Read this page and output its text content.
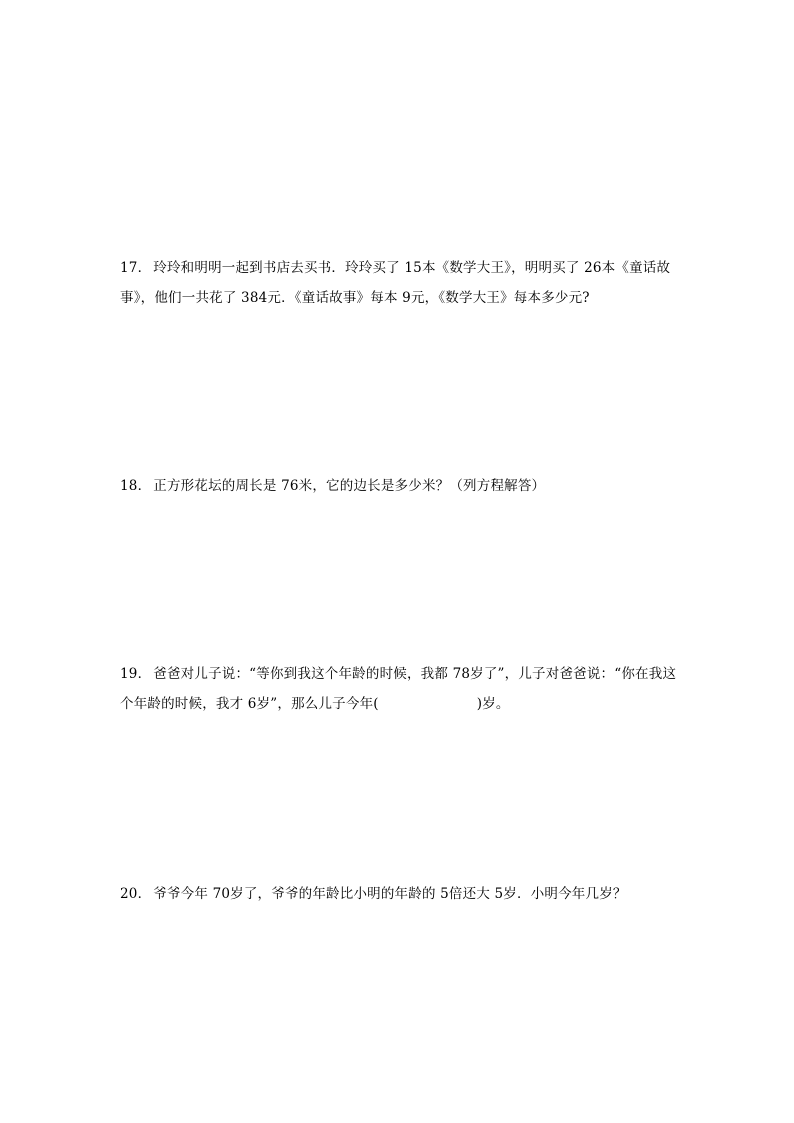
17． 玲玲和明明一起到书店去买书．玲玲买了 15本《数学大王》，明明买了 26本《童话故
事》，他们一共花了 384元．《童话故事》每本 9元，《数学大王》每本多少元?
18． 正方形花坛的周长是 76米，它的边长是多少米？（列方程解答）
19． 爸爸对儿子说：“等你到我这个年龄的时候，我都 78岁了”，儿子对爸爸说：“你在我这
个年龄的时候，我才 6岁”，那么儿子今年(	)岁。
20． 爷爷今年 70岁了，爷爷的年龄比小明的年龄的 5倍还大 5岁．小明今年几岁？
